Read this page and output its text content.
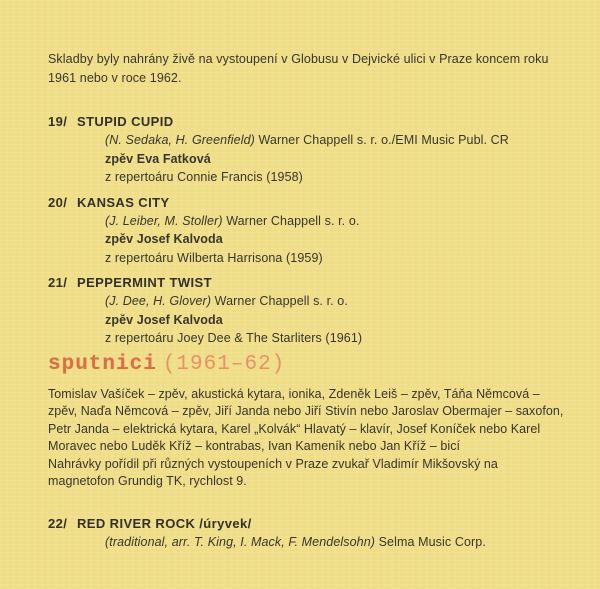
Skladby byly nahrány živě na vystoupení v Globusu v Dejvické ulici v Praze koncem roku 1961 nebo v roce 1962.
19/ STUPID CUPID
(N. Sedaka, H. Greenfield) Warner Chappell s. r. o./EMI Music Publ. CR
zpěv Eva Fatková
z repertoáru Connie Francis (1958)
20/ KANSAS CITY
(J. Leiber, M. Stoller) Warner Chappell s. r. o.
zpěv Josef Kalvoda
z repertoáru Wilberta Harrisona (1959)
21/ PEPPERMINT TWIST
(J. Dee, H. Glover) Warner Chappell s. r. o.
zpěv Josef Kalvoda
z repertoáru Joey Dee & The Starliters (1961)
sputnici (1961–62)
Tomislav Vašíček – zpěv, akustická kytara, ionika, Zdeněk Leiš – zpěv, Táňa Němcová – zpěv, Naďa Němcová – zpěv, Jiří Janda nebo Jiří Stivín nebo Jaroslav Obermajer – saxofon, Petr Janda – elektrická kytara, Karel „Kolvák“ Hlavatý – klavír, Josef Koníček nebo Karel Moravec nebo Luděk Kříž – kontrabas, Ivan Kameník nebo Jan Kříž – bicí
Nahrávky pořídil při různých vystoupeních v Praze zvukař Vladimír Mikšovský na magnetofon Grundig TK, rychlost 9.
22/ RED RIVER ROCK /úryvek/
(traditional, arr. T. King, I. Mack, F. Mendelsohn) Selma Music Corp.
